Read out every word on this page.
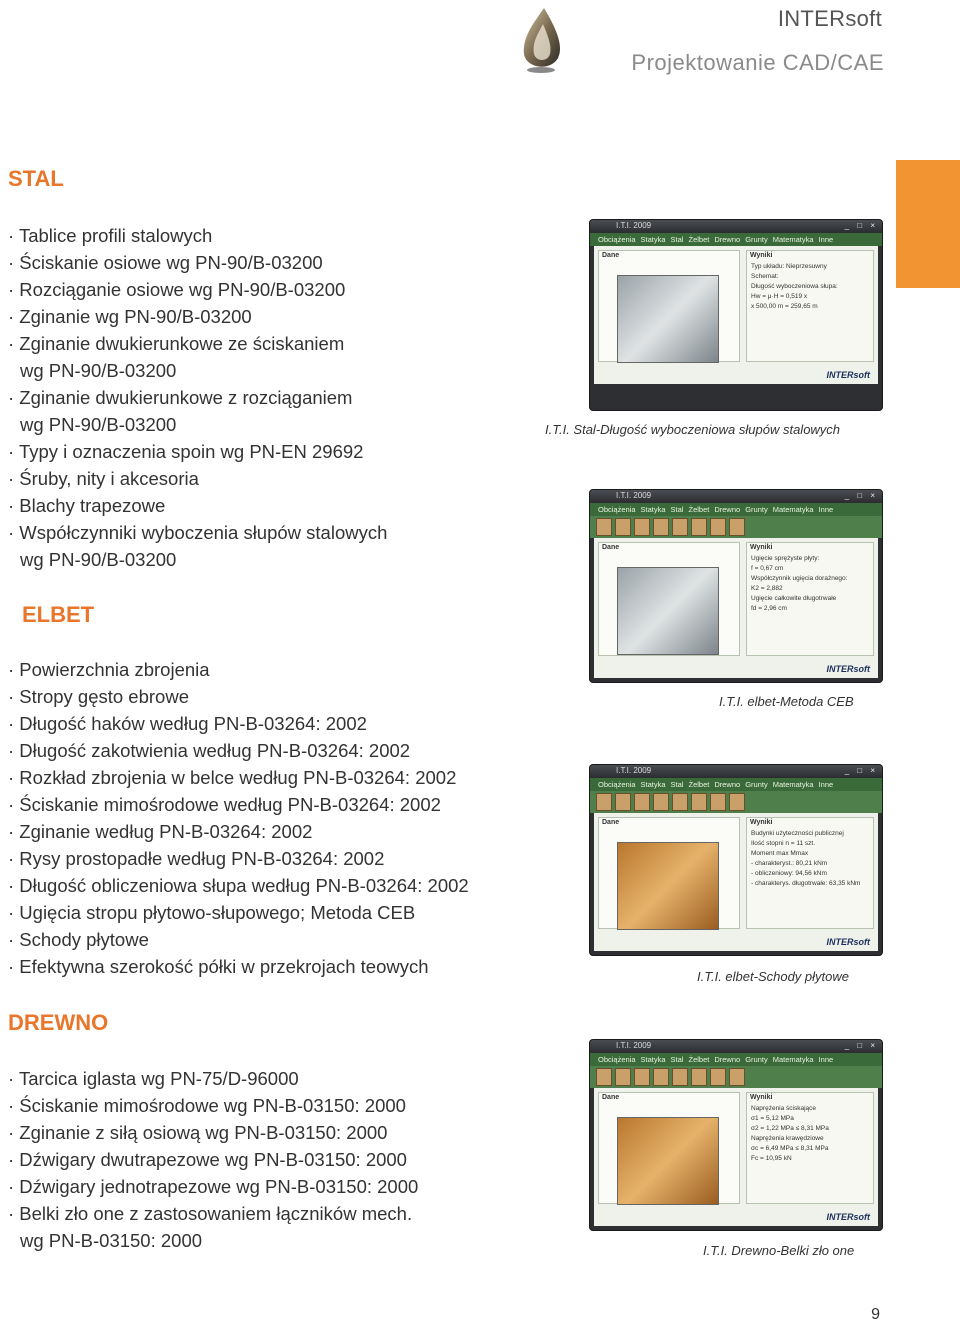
INTERsoft
Projektowanie CAD/CAE
STAL
· Tablice profili stalowych
· Ściskanie osiowe wg PN-90/B-03200
· Rozciąganie osiowe wg PN-90/B-03200
· Zginanie wg PN-90/B-03200
· Zginanie dwukierunkowe ze ściskaniem
wg PN-90/B-03200
· Zginanie dwukierunkowe z rozciąganiem
wg PN-90/B-03200
· Typy i oznaczenia spoin wg PN-EN 29692
· Śruby, nity i akcesoria
· Blachy trapezowe
· Współczynniki wyboczenia słupów stalowych
wg PN-90/B-03200
ELBET
· Powierzchnia zbrojenia
· Stropy gęsto ebrowe
· Długość haków według PN-B-03264: 2002
· Długość zakotwienia według PN-B-03264: 2002
· Rozkład zbrojenia w belce według PN-B-03264: 2002
· Ściskanie mimośrodowe według PN-B-03264: 2002
· Zginanie według PN-B-03264: 2002
· Rysy prostopadłe według PN-B-03264: 2002
· Długość obliczeniowa słupa według PN-B-03264: 2002
· Ugięcia stropu płytowo-słupowego; Metoda CEB
· Schody płytowe
· Efektywna szerokość półki w przekrojach teowych
DREWNO
· Tarcica iglasta wg PN-75/D-96000
· Ściskanie mimośrodowe wg PN-B-03150: 2000
· Zginanie z siłą osiową wg PN-B-03150: 2000
· Dźwigary dwutrapezowe wg PN-B-03150: 2000
· Dźwigary jednotrapezowe wg PN-B-03150: 2000
· Belki zło one z zastosowaniem łączników mech.
wg PN-B-03150: 2000
I.T.I. 2009	_ □ ×
Obciążenia Statyka Stal Żelbet Drewno Grunty Matematyka Inne
Dane	Wyniki
Typ układu: Nieprzesuwny
Schemat:
Długość wyboczeniowa słupa:
Hw = μ·H = 0,519 x
x 500,00 m = 259,65 m
INTERsoft
I.T.I. Stal-Długość wyboczeniowa słupów stalowych
I.T.I. 2009	_ □ ×
Obciążenia Statyka Stal Żelbet Drewno Grunty Matematyka Inne
Dane	Wyniki
Ugięcie sprężyste płyty:
f = 0,67 cm
Współczynnik ugięcia dorażnego:
K2 = 2,882
Ugięcie całkowite długotrwałe
fd = 2,96 cm
INTERsoft
I.T.I. elbet-Metoda CEB
I.T.I. 2009	_ □ ×
Obciążenia Statyka Stal Żelbet Drewno Grunty Matematyka Inne
Dane	Wyniki
Budynki użyteczności publicznej
Ilość stopni n = 11 szt.
Moment max Mmax
- charakteryst.: 80,21 kNm
- obliczeniowy: 94,56 kNm
- charakterys. długotrwałe: 63,35 kNm
INTERsoft
I.T.I. elbet-Schody płytowe
I.T.I. 2009	_ □ ×
Obciążenia Statyka Stal Żelbet Drewno Grunty Matematyka Inne
Dane	Wyniki
Naprężenia ściskające
σ1 = 5,12 MPa
σ2 = 1,22 MPa ≤ 8,31 MPa
Naprężenia krawędziowe
σc = 6,49 MPa ≤ 8,31 MPa
Fc = 10,95 kN
INTERsoft
I.T.I. Drewno-Belki zło one
9
